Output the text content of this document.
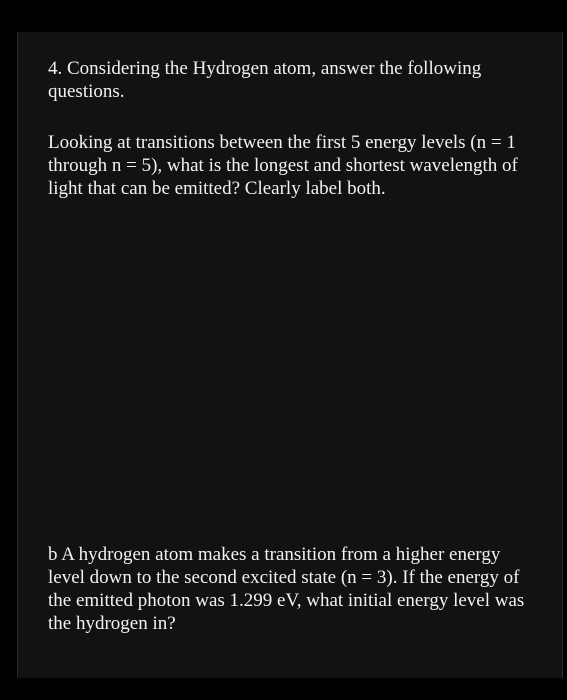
4. Considering the Hydrogen atom, answer the following
questions.

Looking at transitions between the first 5 energy levels (n = 1
through n = 5), what is the longest and shortest wavelength of
light that can be emitted? Clearly label both.

b A hydrogen atom makes a transition from a higher energy
level down to the second excited state (n = 3). If the energy of
the emitted photon was 1.299 eV, what initial energy level was
the hydrogen in?
